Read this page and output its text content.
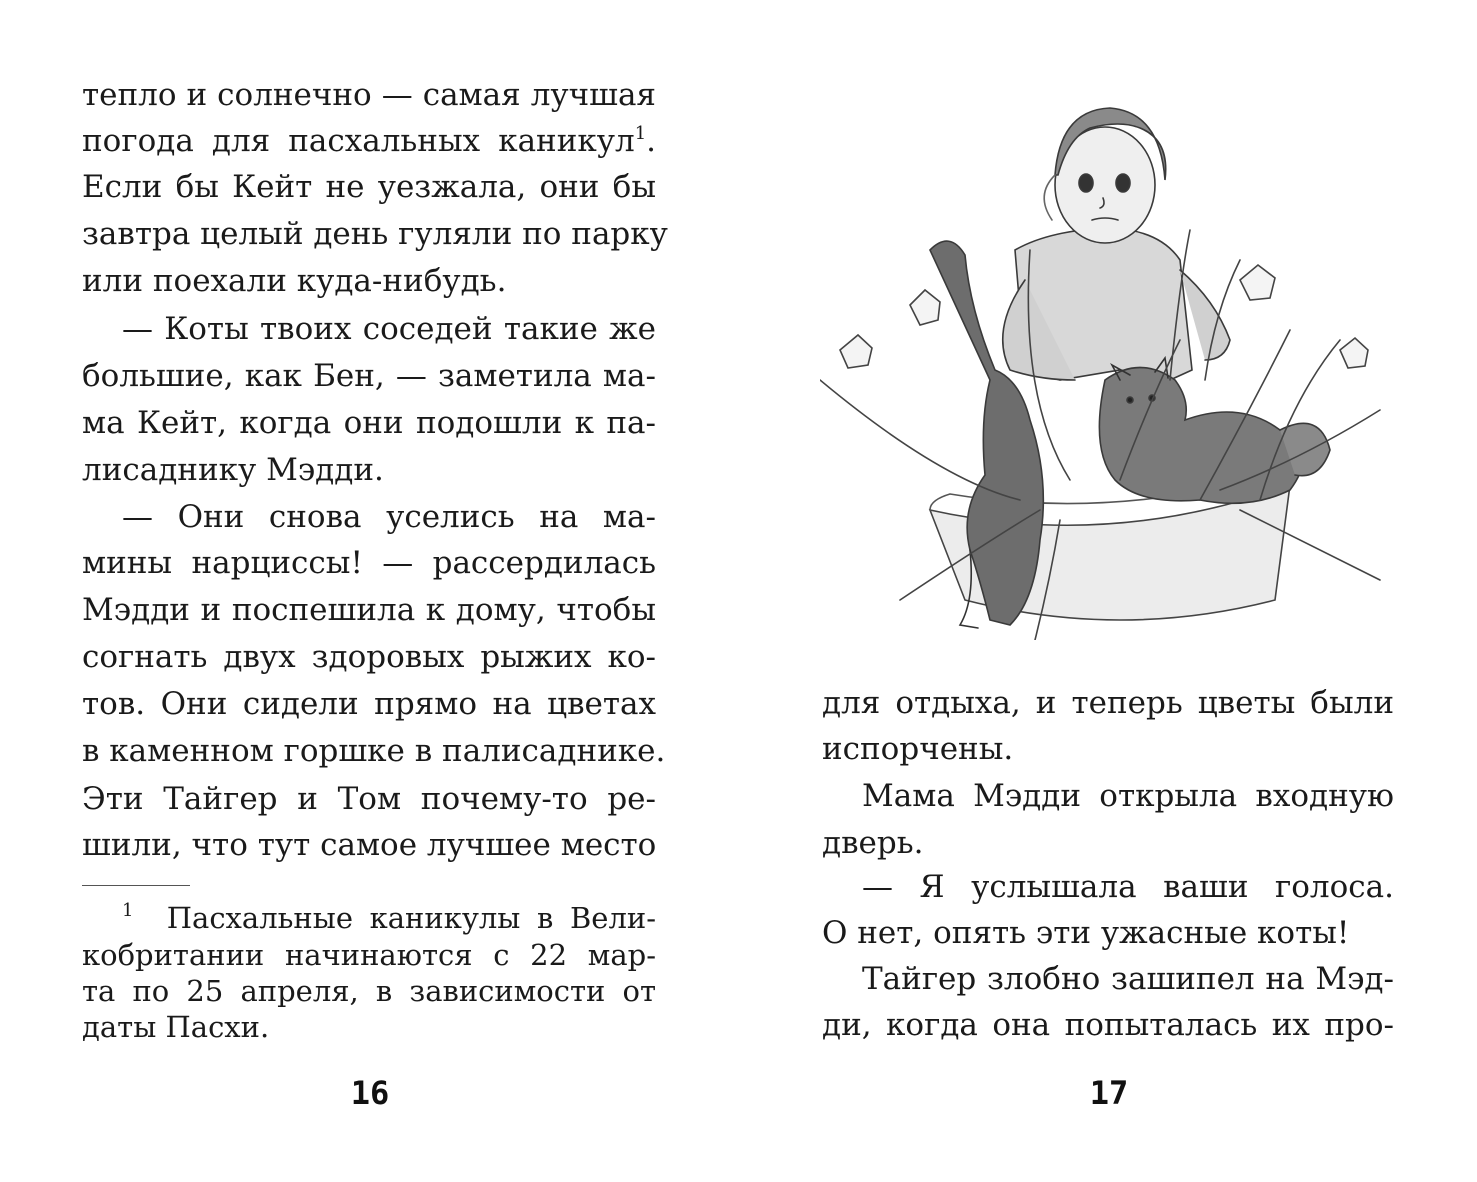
тепло и солнечно — самая лучшая
погода для пасхальных каникул$^1$.
Если бы Кейт не уезжала, они бы
завтра целый день гуляли по парку
или поехали куда-нибудь.
— Коты твоих соседей такие же
большие, как Бен, — заметила ма-
ма Кейт, когда они подошли к па-
лисаднику Мэдди.
— Они снова уселись на ма-
мины нарциссы! — рассердилась
Мэдди и поспешила к дому, чтобы
согнать двух здоровых рыжих ко-
тов. Они сидели прямо на цветах
в каменном горшке в палисаднике.
Эти Тайгер и Том почему-то ре-
шили, что тут самое лучшее место
$^1$ Пасхальные каникулы в Вели-
кобритании начинаются с 22 мар-
та по 25 апреля, в зависимости от
даты Пасхи.
16
для отдыха, и теперь цветы были
испорчены.
Мама Мэдди открыла входную
дверь.
— Я услышала ваши голоса.
О нет, опять эти ужасные коты!
Тайгер злобно зашипел на Мэд-
ди, когда она попыталась их про-
17
